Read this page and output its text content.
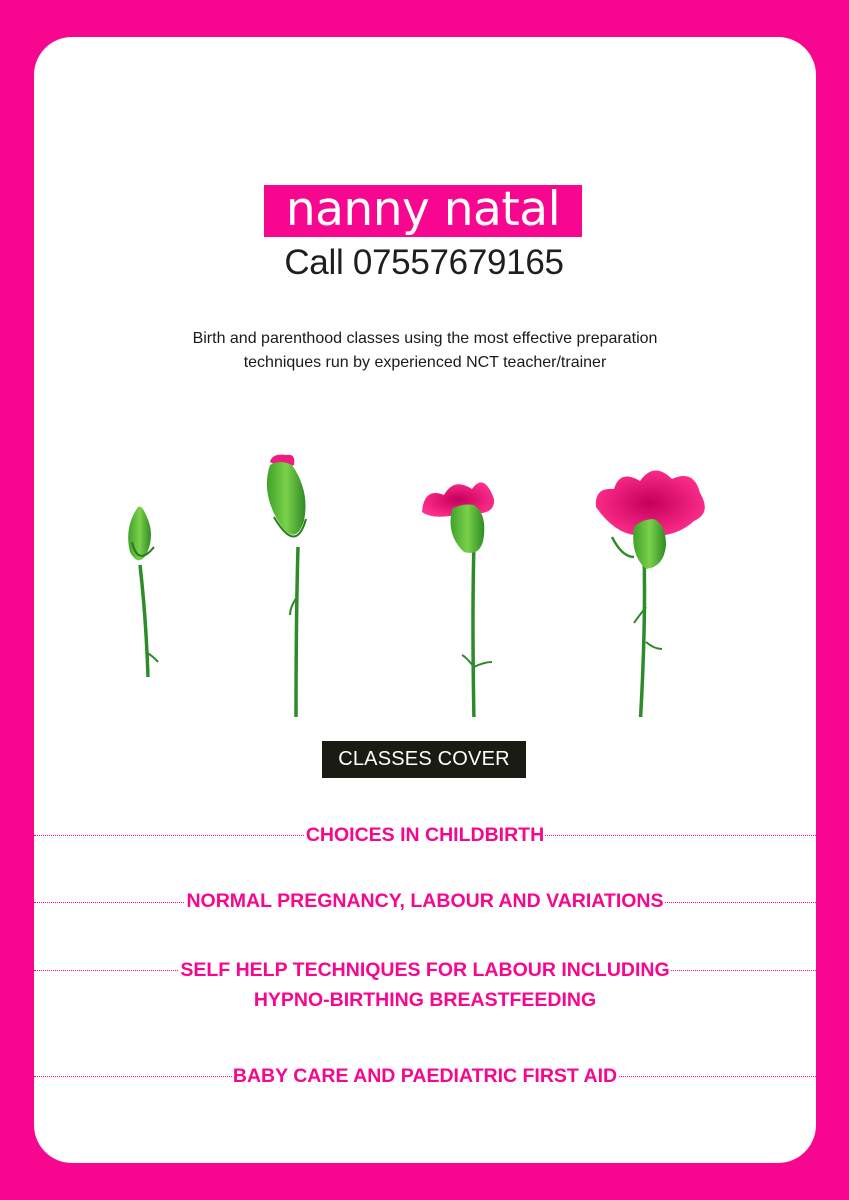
nanny natal
Call 07557679165
Birth and parenthood classes using the most effective preparation
techniques run by experienced NCT teacher/trainer
CLASSES COVER
CHOICES IN CHILDBIRTH
NORMAL PREGNANCY, LABOUR AND VARIATIONS
SELF HELP TECHNIQUES FOR LABOUR INCLUDING
HYPNO-BIRTHING BREASTFEEDING
BABY CARE AND PAEDIATRIC FIRST AID
